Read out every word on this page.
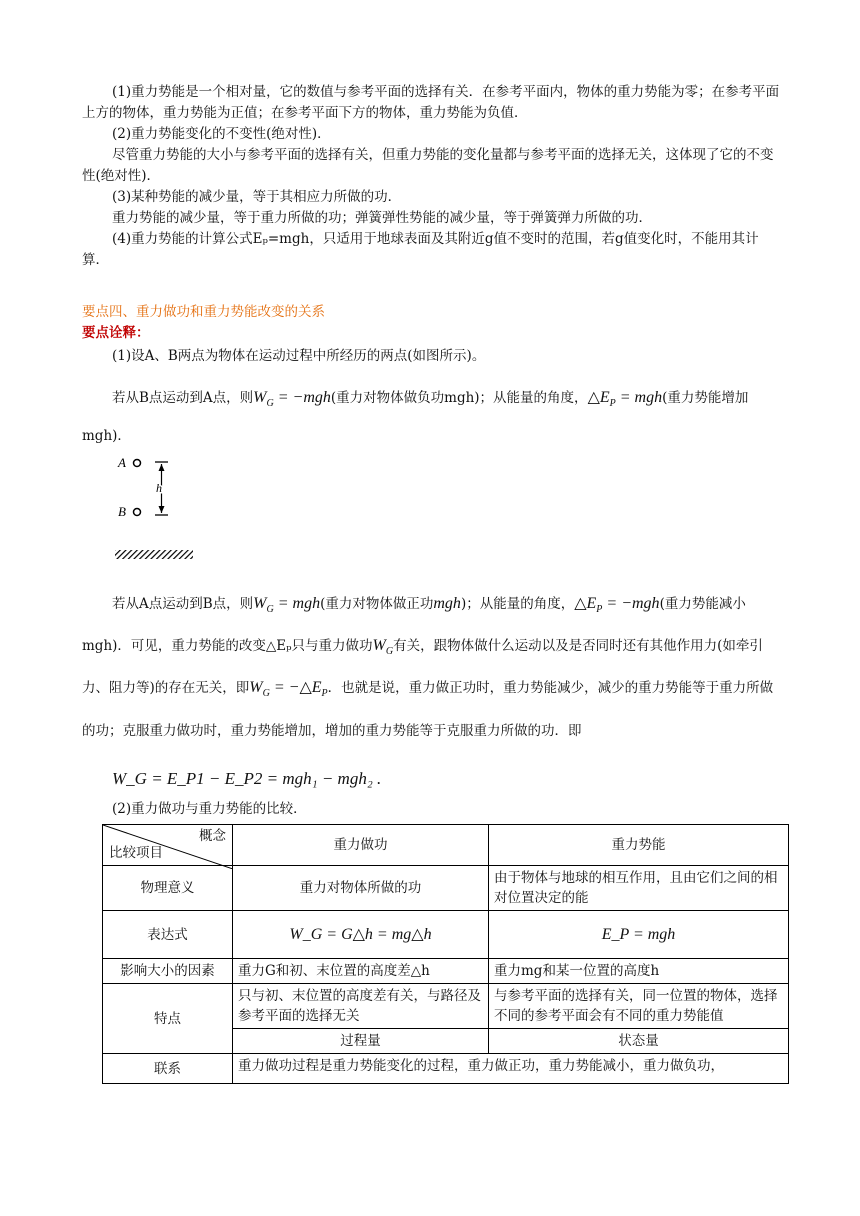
(1)重力势能是一个相对量，它的数值与参考平面的选择有关．在参考平面内，物体的重力势能为零；在参考平面上方的物体，重力势能为正值；在参考平面下方的物体，重力势能为负值．

(2)重力势能变化的不变性(绝对性)．

尽管重力势能的大小与参考平面的选择有关，但重力势能的变化量都与参考平面的选择无关，这体现了它的不变性(绝对性)．

(3)某种势能的减少量，等于其相应力所做的功．

重力势能的减少量，等于重力所做的功；弹簧弹性势能的减少量，等于弹簧弹力所做的功．

(4)重力势能的计算公式Eₚ=mgh，只适用于地球表面及其附近g值不变时的范围，若g值变化时，不能用其计算．

要点四、重力做功和重力势能改变的关系

要点诠释：

(1)设A、B两点为物体在运动过程中所经历的两点(如图所示)。

若从B点运动到A点，则$W_G = -mgh$(重力对物体做负功mgh)；从能量的角度，$\triangle E_P = mgh$(重力势能增加mgh)．

A
B
h

若从A点运动到B点，则$W_G = mgh$(重力对物体做正功mgh)；从能量的角度，$\triangle E_P = -mgh$(重力势能减小mgh)．可见，重力势能的改变△Eₚ只与重力做功$W_G$有关，跟物体做什么运动以及是否同时还有其他作用力(如牵引力、阻力等)的存在无关，即$W_G$ = $-\triangle E_P$．也就是说，重力做正功时，重力势能减少，减少的重力势能等于重力所做的功；克服重力做功时，重力势能增加，增加的重力势能等于克服重力所做的功．即

W_G = E_P1 − E_P2 = mgh₁ − mgh₂ .

(2)重力做功与重力势能的比较．

概念
比较项目	重力做功	重力势能
物理意义	重力对物体所做的功	由于物体与地球的相互作用，且由它们之间的相对位置决定的能
表达式	W_G = G△h = mg△h	E_P = mgh
影响大小的因素	重力G和初、末位置的高度差△h	重力mg和某一位置的高度h
特点	只与初、末位置的高度差有关，与路径及参考平面的选择无关	与参考平面的选择有关，同一位置的物体，选择不同的参考平面会有不同的重力势能值
	过程量	状态量
联系	重力做功过程是重力势能变化的过程，重力做正功，重力势能减小，重力做负功，	
